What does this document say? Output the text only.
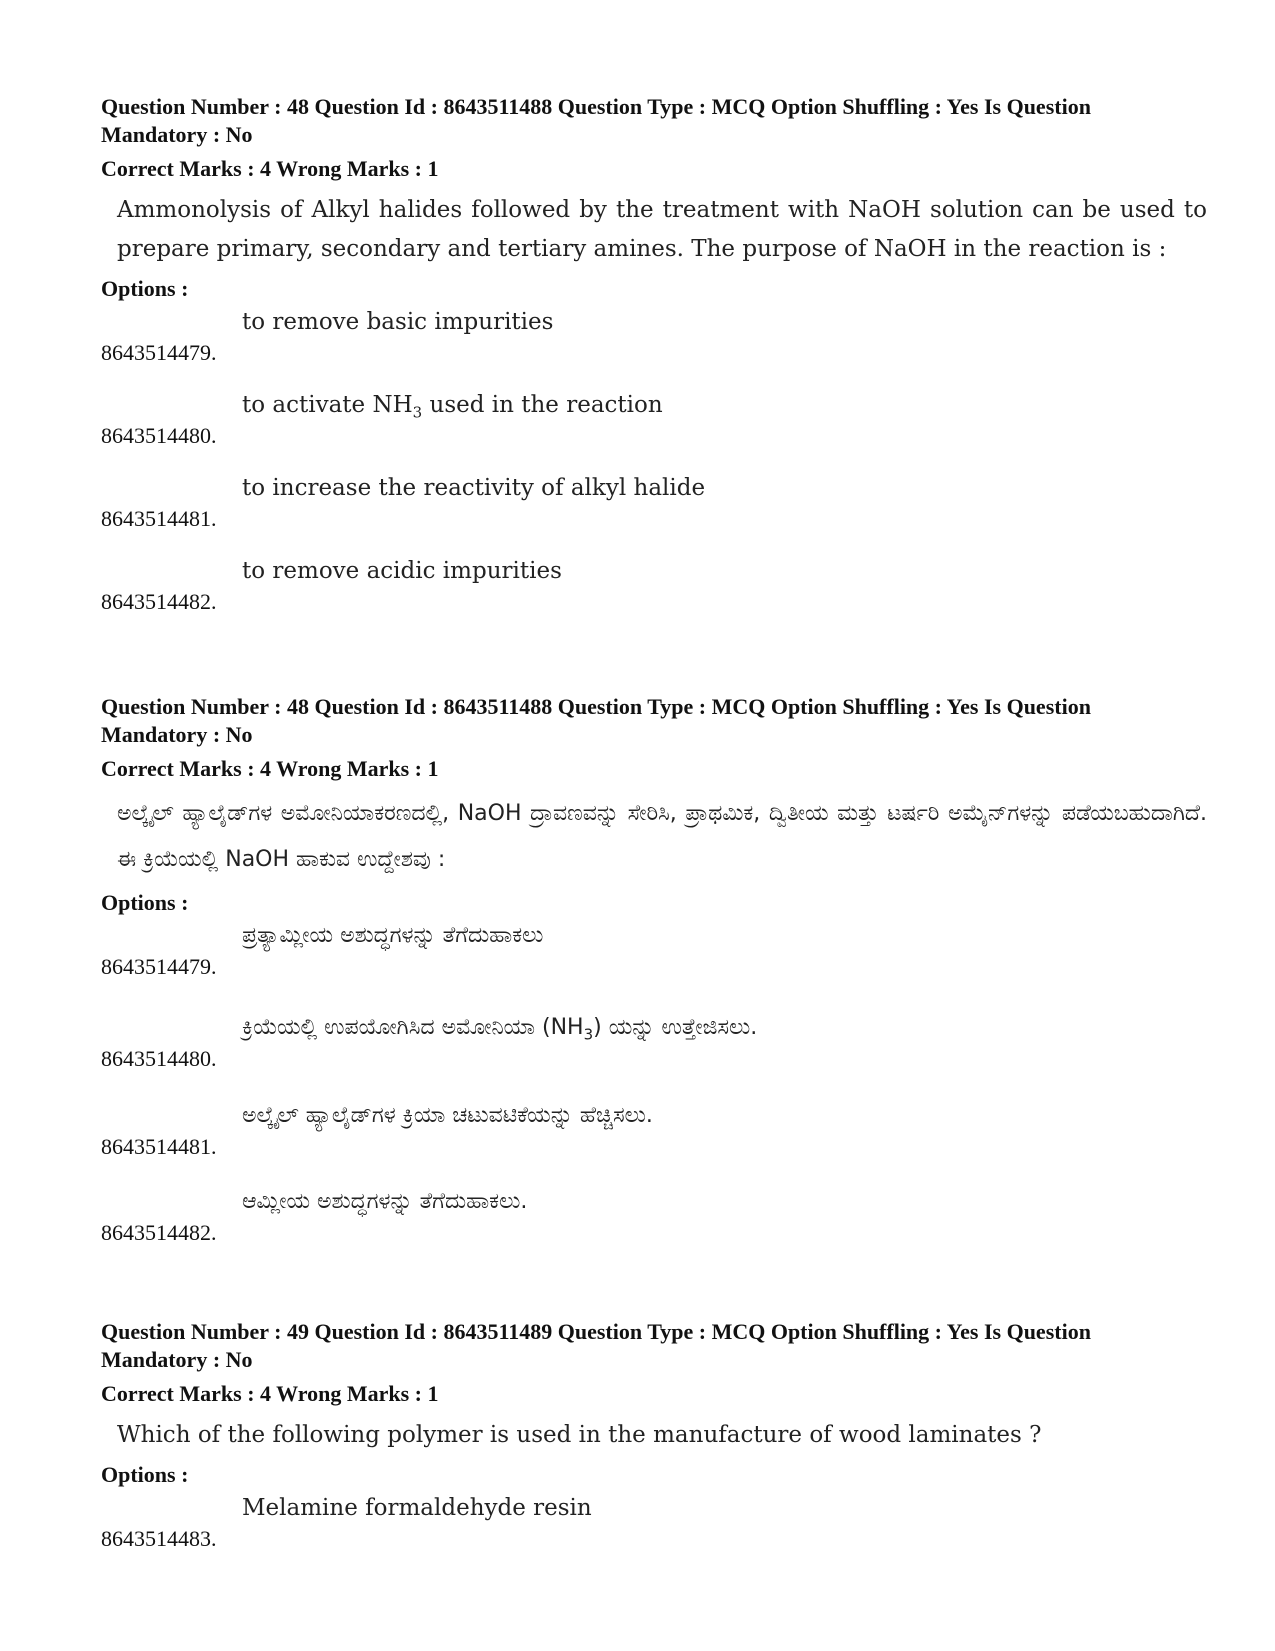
Question Number : 48 Question Id : 8643511488 Question Type : MCQ Option Shuffling : Yes Is Question Mandatory : No
Correct Marks : 4 Wrong Marks : 1
Ammonolysis of Alkyl halides followed by the treatment with NaOH solution can be used to prepare primary, secondary and tertiary amines. The purpose of NaOH in the reaction is :
Options :
8643514479.
to remove basic impurities
8643514480.
to activate $NH_3$ used in the reaction
8643514481.
to increase the reactivity of alkyl halide
8643514482.
to remove acidic impurities
Question Number : 48 Question Id : 8643511488 Question Type : MCQ Option Shuffling : Yes Is Question Mandatory : No
Correct Marks : 4 Wrong Marks : 1
ಅಲ್ಕೈಲ್ ಹ್ಯಾಲೈಡ್‌ಗಳ ಅಮೋನಿಯಾಕರಣದಲ್ಲಿ, NaOH ದ್ರಾವಣವನ್ನು ಸೇರಿಸಿ, ಪ್ರಾಥಮಿಕ, ದ್ವಿತೀಯ ಮತ್ತು ಟರ್ಷರಿ ಅಮೈನ್‌ಗಳನ್ನು ಪಡೆಯಬಹುದಾಗಿದೆ. ಈ ಕ್ರಿಯೆಯಲ್ಲಿ NaOH ಹಾಕುವ ಉದ್ದೇಶವು :
Options :
8643514479.
ಪ್ರತ್ಯಾಮ್ಲೀಯ ಅಶುದ್ಧಗಳನ್ನು ತೆಗೆದುಹಾಕಲು
8643514480.
ಕ್ರಿಯೆಯಲ್ಲಿ ಉಪಯೋಗಿಸಿದ ಅಮೋನಿಯಾ $(NH_3)$ ಯನ್ನು ಉತ್ತೇಜಿಸಲು.
8643514481.
ಅಲ್ಕೈಲ್ ಹ್ಯಾಲೈಡ್‌ಗಳ ಕ್ರಿಯಾ ಚಟುವಟಿಕೆಯನ್ನು ಹೆಚ್ಚಿಸಲು.
8643514482.
ಆಮ್ಲೀಯ ಅಶುದ್ಧಗಳನ್ನು ತೆಗೆದುಹಾಕಲು.
Question Number : 49 Question Id : 8643511489 Question Type : MCQ Option Shuffling : Yes Is Question Mandatory : No
Correct Marks : 4 Wrong Marks : 1
Which of the following polymer is used in the manufacture of wood laminates ?
Options :
8643514483.
Melamine formaldehyde resin
